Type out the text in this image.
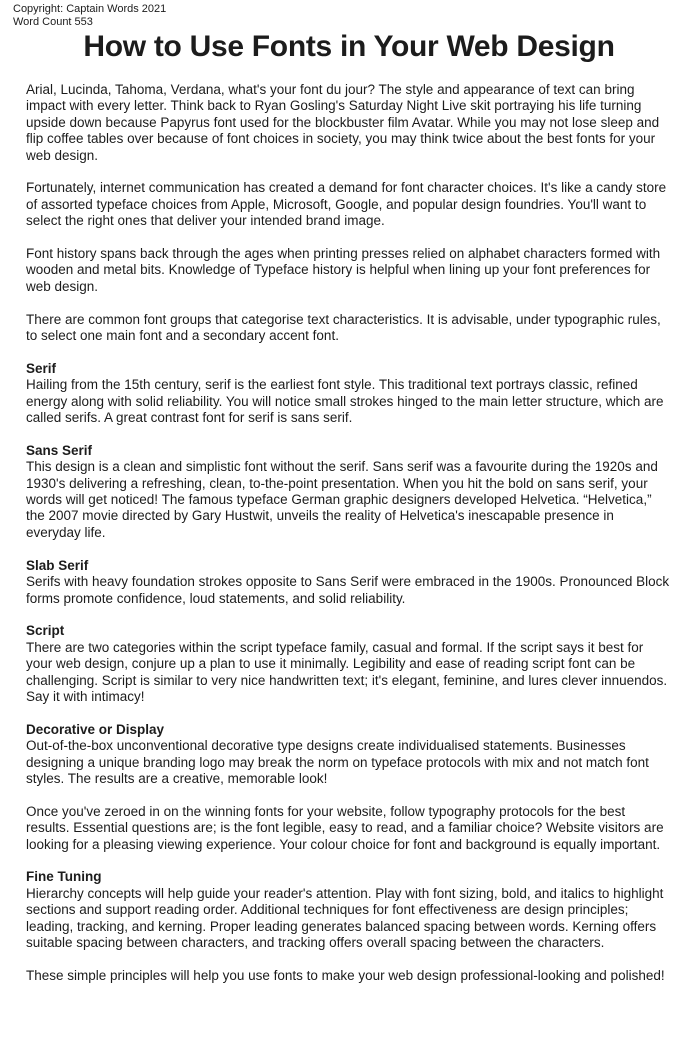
Copyright: Captain Words 2021
Word Count 553
How to Use Fonts in Your Web Design

Arial, Lucinda, Tahoma, Verdana, what's your font du jour? The style and appearance of text can bring impact with every letter. Think back to Ryan Gosling's Saturday Night Live skit portraying his life turning upside down because Papyrus font used for the blockbuster film Avatar. While you may not lose sleep and flip coffee tables over because of font choices in society, you may think twice about the best fonts for your web design.

Fortunately, internet communication has created a demand for font character choices. It's like a candy store of assorted typeface choices from Apple, Microsoft, Google, and popular design foundries. You'll want to select the right ones that deliver your intended brand image.

Font history spans back through the ages when printing presses relied on alphabet characters formed with wooden and metal bits. Knowledge of Typeface history is helpful when lining up your font preferences for web design.

There are common font groups that categorise text characteristics. It is advisable, under typographic rules, to select one main font and a secondary accent font.

Serif

Hailing from the 15th century, serif is the earliest font style. This traditional text portrays classic, refined energy along with solid reliability. You will notice small strokes hinged to the main letter structure, which are called serifs. A great contrast font for serif is sans serif.

Sans Serif

This design is a clean and simplistic font without the serif. Sans serif was a favourite during the 1920s and 1930's delivering a refreshing, clean, to-the-point presentation. When you hit the bold on sans serif, your words will get noticed! The famous typeface German graphic designers developed Helvetica. “Helvetica,” the 2007 movie directed by Gary Hustwit, unveils the reality of Helvetica's inescapable presence in everyday life.

Slab Serif

Serifs with heavy foundation strokes opposite to Sans Serif were embraced in the 1900s. Pronounced Block forms promote confidence, loud statements, and solid reliability.

Script

There are two categories within the script typeface family, casual and formal. If the script says it best for your web design, conjure up a plan to use it minimally. Legibility and ease of reading script font can be challenging. Script is similar to very nice handwritten text; it's elegant, feminine, and lures clever innuendos. Say it with intimacy!

Decorative or Display

Out-of-the-box unconventional decorative type designs create individualised statements. Businesses designing a unique branding logo may break the norm on typeface protocols with mix and not match font styles. The results are a creative, memorable look!

Once you've zeroed in on the winning fonts for your website, follow typography protocols for the best results. Essential questions are; is the font legible, easy to read, and a familiar choice? Website visitors are looking for a pleasing viewing experience. Your colour choice for font and background is equally important.

Fine Tuning

Hierarchy concepts will help guide your reader's attention. Play with font sizing, bold, and italics to highlight sections and support reading order. Additional techniques for font effectiveness are design principles; leading, tracking, and kerning. Proper leading generates balanced spacing between words. Kerning offers suitable spacing between characters, and tracking offers overall spacing between the characters.

These simple principles will help you use fonts to make your web design professional-looking and polished!
